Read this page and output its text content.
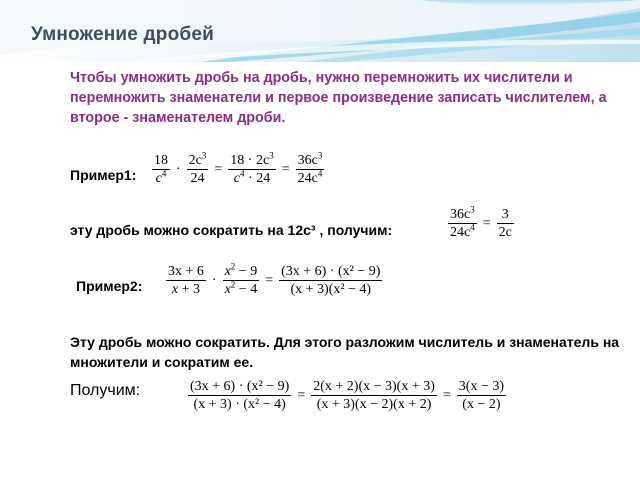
Умножение дробей
Чтобы умножить дробь на дробь, нужно перемножить их числители и перемножить знаменатели и первое произведение записать числителем, а второе - знаменателем дроби.
Пример1: $\frac{18}{c^4} \cdot \frac{2c^3}{24} = \frac{18 \cdot 2c^3}{c^4 \cdot 24} = \frac{36c^3}{24c^4}$
эту дробь можно сократить на 12с³ , получим:	$\frac{36c^3}{24c^4} = \frac{3}{2c}$
Пример2: $\frac{3x + 6}{x + 3} \cdot \frac{x^2 - 9}{x^2 - 4} = \frac{\text{(3x + 6) · (x² − 9)}}{\text{(x + 3)(x² − 4)}}$
Эту дробь можно сократить. Для этого разложим числитель и знаменатель на множители и сократим ее.
Получим:	$\frac{\text{(3x + 6) · (x² − 9)}}{\text{(x + 3) · (x² − 4)}} = \frac{2(x + 2)(x - 3)(x + 3)}{(x + 3)(x - 2)(x + 2)} = \frac{3(x - 3)}{(x - 2)}$
